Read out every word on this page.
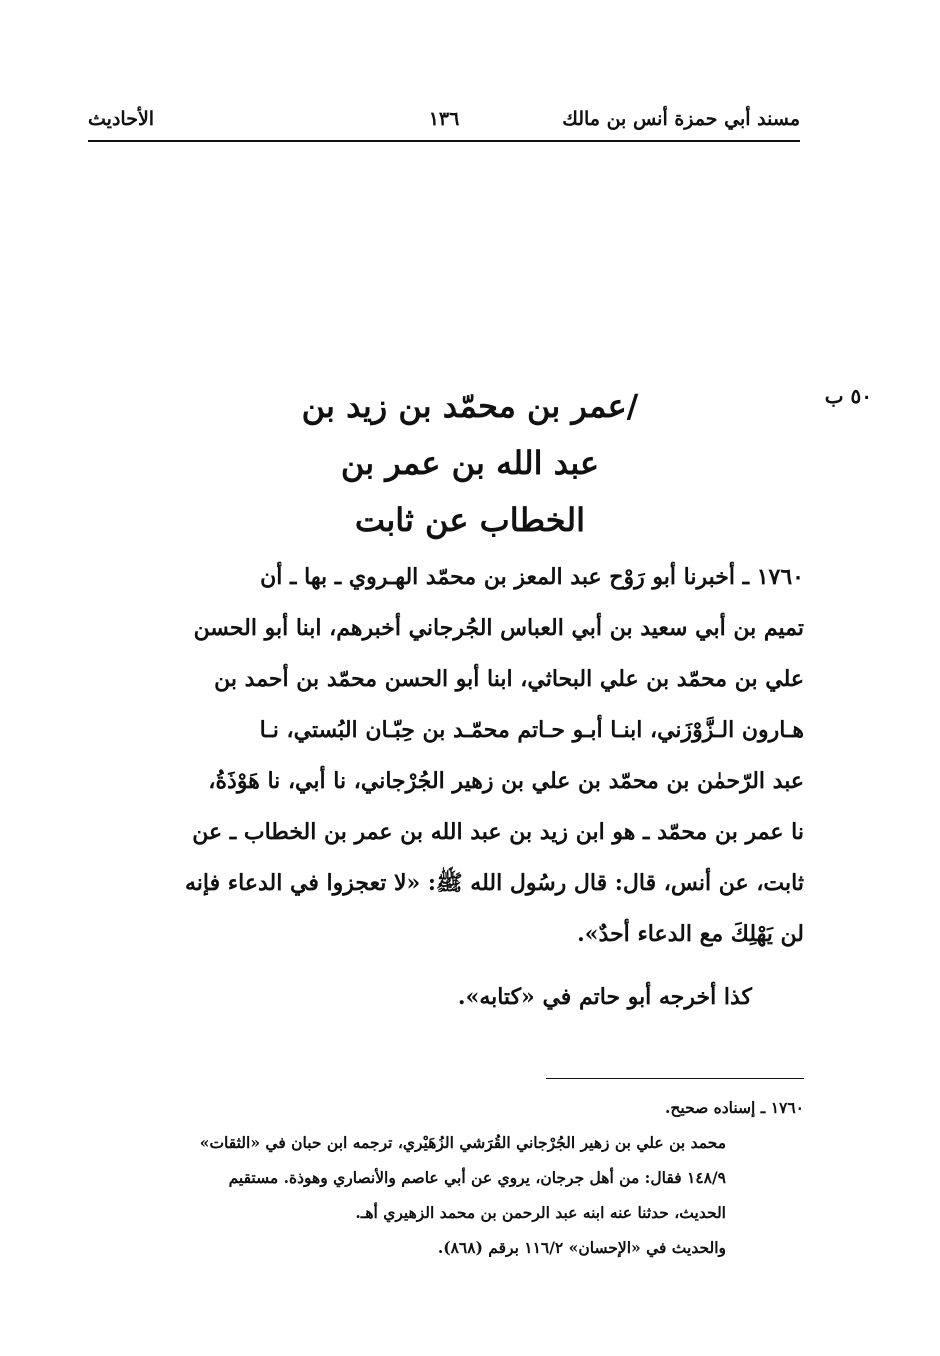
مسند أبي حمزة أنس بن مالك
١٣٦
الأحاديث
٥٠ ب
/عمر بن محمّد بن زيد بن
عبد الله بن عمر بن
الخطاب عن ثابت
١٧٦٠ ـ أخبرنا أبو رَوْح عبد المعز بن محمّد الهـروي ـ بها ـ أن
تميم بن أبي سعيد بن أبي العباس الجُرجاني أخبرهم، ابنا أبو الحسن
علي بن محمّد بن علي البحاثي، ابنا أبو الحسن محمّد بن أحمد بن
هـارون الـزَّوْزَني، ابنـا أبـو حـاتم محمّـد بن حِبّـان البُستي، نـا
عبد الرّحمٰن بن محمّد بن علي بن زهير الجُرْجاني، نا أبي، نا هَوْذَةُ،
نا عمر بن محمّد ـ هو ابن زيد بن عبد الله بن عمر بن الخطاب ـ عن
ثابت، عن أنس، قال: قال رسُول الله ﷺ: «لا تعجزوا في الدعاء فإنه
لن يَهْلِكَ مع الدعاء أحدٌ».
كذا أخرجه أبو حاتم في «كتابه».
١٧٦٠ ـ إسناده صحيح.
محمد بن علي بن زهير الجُرْجاني القُرَشي الزُهَيْري، ترجمه ابن حبان في «الثقات»
١٤٨/٩ فقال: من أهل جرجان، يروي عن أبي عاصم والأنصاري وهوذة. مستقيم
الحديث، حدثنا عنه ابنه عبد الرحمن بن محمد الزهيري أهـ.
والحديث في «الإحسان» ١١٦/٢ برقم (٨٦٨).
